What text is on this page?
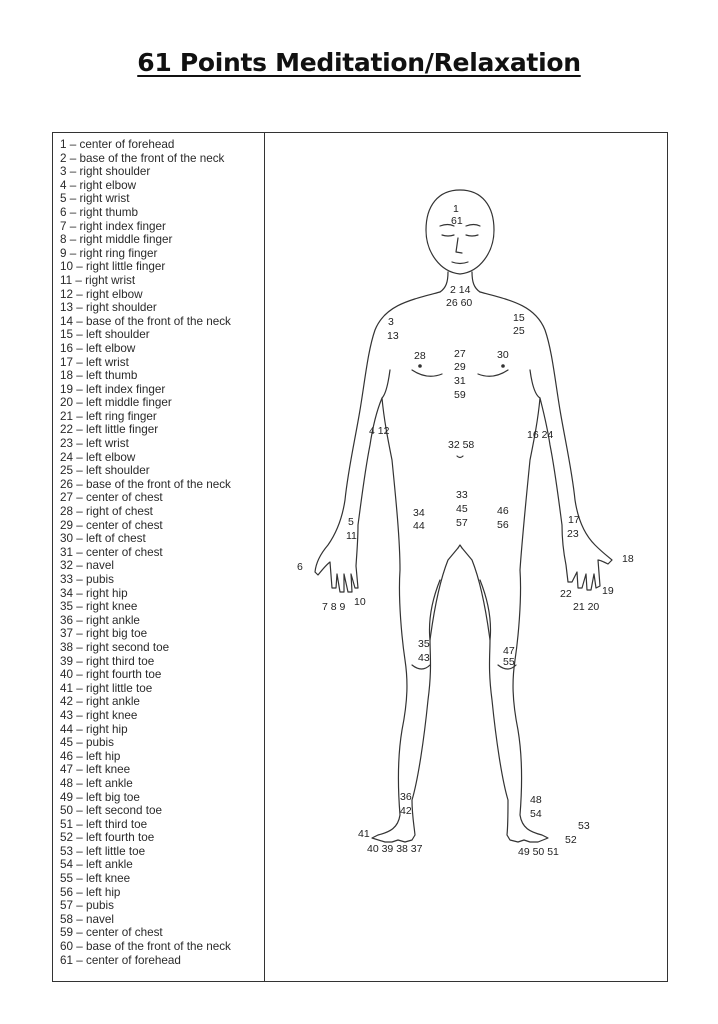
61 Points Meditation/Relaxation
1 – center of forehead
2 – base of the front of the neck
3 – right shoulder
4 – right elbow
5 – right wrist
6 – right thumb
7 – right index finger
8 – right middle finger
9 – right ring finger
10 – right little finger
11 – right wrist
12 – right elbow
13 – right shoulder
14 – base of the front of the neck
15 – left shoulder
16 – left elbow
17 – left wrist
18 – left thumb
19 – left index finger
20 – left middle finger
21 – left ring finger
22 – left little finger
23 – left wrist
24 – left elbow
25 – left shoulder
26 – base of the front of the neck
27 – center of chest
28 – right of chest
29 – center of chest
30 – left of chest
31 – center of chest
32 – navel
33 – pubis
34 – right hip
35 – right knee
36 – right ankle
37 – right big toe
38 – right second toe
39 – right third toe
40 – right fourth toe
41 – right little toe
42 – right ankle
43 – right knee
44 – right hip
45 – pubis
46 – left hip
47 – left knee
48 – left ankle
49 – left big toe
50 – left second toe
51 – left third toe
52 – left fourth toe
53 – left little toe
54 – left ankle
55 – left knee
56 – left hip
57 – pubis
58 – navel
59 – center of chest
60 – base of the front of the neck
61 – center of forehead
1
61
2 14
26 60
3
13
15
25
28	27
29
31
59
30
4 12
32 58
16 24
33
45
57
34
44
46
56
5
11
17
23
6
18
7 8 9 10
22	19
21 20
35
43
47
55
36
42
48
54
41
40 39 38 37
53
52
49 50 51
